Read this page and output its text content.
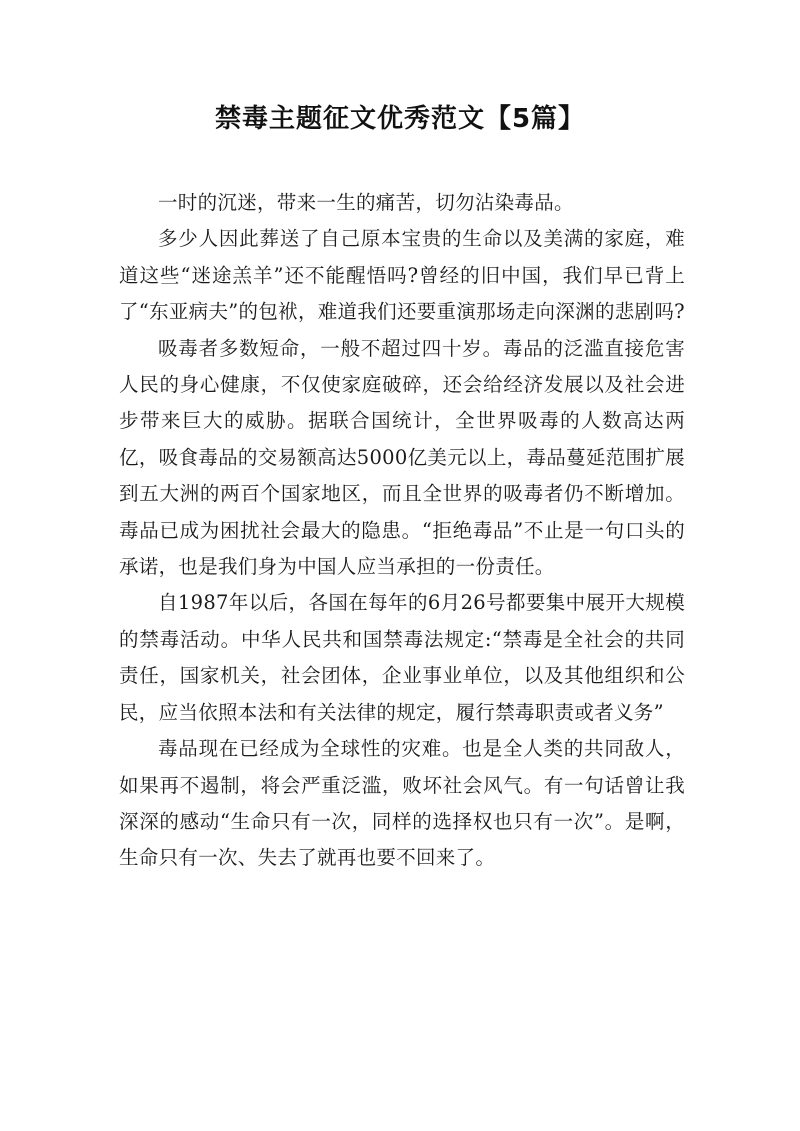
禁毒主题征文优秀范文【5篇】

一时的沉迷，带来一生的痛苦，切勿沾染毒品。

多少人因此葬送了自己原本宝贵的生命以及美满的家庭，难道这些“迷途羔羊”还不能醒悟吗?曾经的旧中国，我们早已背上了“东亚病夫”的包袱，难道我们还要重演那场走向深渊的悲剧吗?

吸毒者多数短命，一般不超过四十岁。毒品的泛滥直接危害人民的身心健康，不仅使家庭破碎，还会给经济发展以及社会进步带来巨大的威胁。据联合国统计，全世界吸毒的人数高达两亿，吸食毒品的交易额高达5000亿美元以上，毒品蔓延范围扩展到五大洲的两百个国家地区，而且全世界的吸毒者仍不断增加。毒品已成为困扰社会最大的隐患。“拒绝毒品”不止是一句口头的承诺，也是我们身为中国人应当承担的一份责任。

自1987年以后，各国在每年的6月26号都要集中展开大规模的禁毒活动。中华人民共和国禁毒法规定:“禁毒是全社会的共同责任，国家机关，社会团体，企业事业单位，以及其他组织和公民，应当依照本法和有关法律的规定，履行禁毒职责或者义务”

毒品现在已经成为全球性的灾难。也是全人类的共同敌人，如果再不遏制，将会严重泛滥，败坏社会风气。有一句话曾让我深深的感动“生命只有一次，同样的选择权也只有一次”。是啊，生命只有一次、失去了就再也要不回来了。
